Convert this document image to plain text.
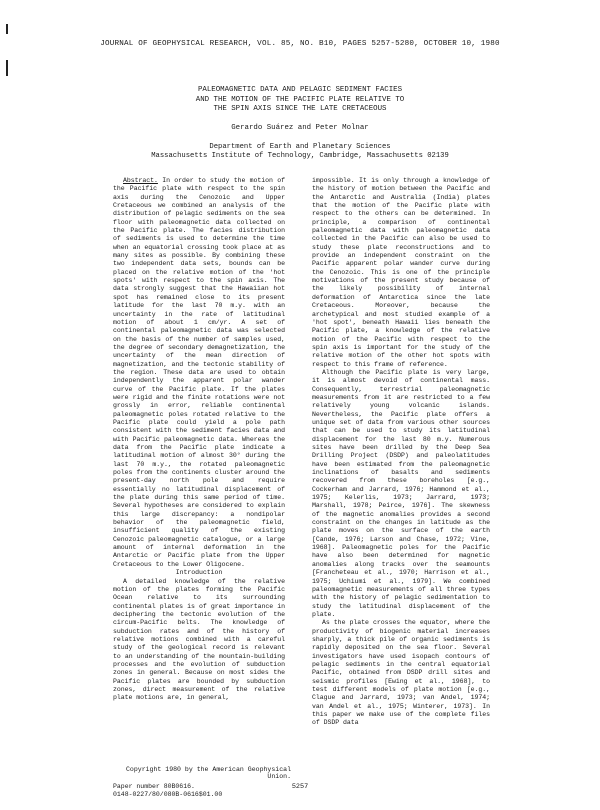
JOURNAL OF GEOPHYSICAL RESEARCH, VOL. 85, NO. B10, PAGES 5257-5280, OCTOBER 10, 1980
PALEOMAGNETIC DATA AND PELAGIC SEDIMENT FACIES
AND THE MOTION OF THE PACIFIC PLATE RELATIVE TO
THE SPIN AXIS SINCE THE LATE CRETACEOUS
Gerardo Suárez and Peter Molnar
Department of Earth and Planetary Sciences
Massachusetts Institute of Technology, Cambridge, Massachusetts 02139

Abstract. In order to study the motion of the Pacific plate with respect to the spin axis during the Cenozoic and Upper Cretaceous we combined an analysis of the distribution of pelagic sediments on the sea floor with paleomagnetic data collected on the Pacific plate. The facies distribution of sediments is used to determine the time when an equatorial crossing took place at as many sites as possible. By combining these two independent data sets, bounds can be placed on the relative motion of the 'hot spots' with respect to the spin axis. The data strongly suggest that the Hawaiian hot spot has remained close to its present latitude for the last 70 m.y. with an uncertainty in the rate of latitudinal motion of about 1 cm/yr. A set of continental paleomagnetic data was selected on the basis of the number of samples used, the degree of secondary demagnetization, the uncertainty of the mean direction of magnetization, and the tectonic stability of the region. These data are used to obtain independently the apparent polar wander curve of the Pacific plate. If the plates were rigid and the finite rotations were not grossly in error, reliable continental paleomagnetic poles rotated relative to the Pacific plate could yield a pole path consistent with the sediment facies data and with Pacific paleomagnetic data. Whereas the data from the Pacific plate indicate a latitudinal motion of almost 30° during the last 70 m.y., the rotated paleomagnetic poles from the continents cluster around the present-day north pole and require essentially no latitudinal displacement of the plate during this same period of time. Several hypotheses are considered to explain this large discrepancy: a nondipolar behavior of the paleomagnetic field, insufficient quality of the existing Cenozoic paleomagnetic catalogue, or a large amount of internal deformation in the Antarctic or Pacific plate from the Upper Cretaceous to the Lower Oligocene.

Introduction

A detailed knowledge of the relative motion of the plates forming the Pacific Ocean relative to its surrounding continental plates is of great importance in deciphering the tectonic evolution of the circum-Pacific belts. The knowledge of subduction rates and of the history of relative motions combined with a careful study of the geological record is relevant to an understanding of the mountain-building processes and the evolution of subduction zones in general. Because on most sides the Pacific plates are bounded by subduction zones, direct measurement of the relative plate motions are, in general,

impossible. It is only through a knowledge of the history of motion between the Pacific and the Antarctic and Australia (India) plates that the motion of the Pacific plate with respect to the others can be determined. In principle, a comparison of continental paleomagnetic data with paleomagnetic data collected in the Pacific can also be used to study these plate reconstructions and to provide an independent constraint on the Pacific apparent polar wander curve during the Cenozoic. This is one of the principle motivations of the present study because of the likely possibility of internal deformation of Antarctica since the late Cretaceous. Moreover, because the archetypical and most studied example of a 'hot spot', beneath Hawaii lies beneath the Pacific plate, a knowledge of the relative motion of the Pacific with respect to the spin axis is important for the study of the relative motion of the other hot spots with respect to this frame of reference.

Although the Pacific plate is very large, it is almost devoid of continental mass. Consequently, terrestrial paleomagnetic measurements from it are restricted to a few relatively young volcanic islands. Nevertheless, the Pacific plate offers a unique set of data from various other sources that can be used to study its latitudinal displacement for the last 80 m.y. Numerous sites have been drilled by the Deep Sea Drilling Project (DSDP) and paleolatitudes have been estimated from the paleomagnetic inclinations of basalts and sediments recovered from these boreholes [e.g., Cockerham and Jarrard, 1976; Hammond et al., 1975; Kelerlis, 1973; Jarrard, 1973; Marshall, 1978; Peirce, 1976]. The skewness of the magnetic anomalies provides a second constraint on the changes in latitude as the plate moves on the surface of the earth [Cande, 1976; Larson and Chase, 1972; Vine, 1968]. Paleomagnetic poles for the Pacific have also been determined for magnetic anomalies along tracks over the seamounts [Francheteau et al., 1970; Harrison et al., 1975; Uchiumi et al., 1979]. We combined paleomagnetic measurements of all three types with the history of pelagic sedimentation to study the latitudinal displacement of the plate.

As the plate crosses the equator, where the productivity of biogenic material increases sharply, a thick pile of organic sediments is rapidly deposited on the sea floor. Several investigators have used isopach contours of pelagic sediments in the central equatorial Pacific, obtained from DSDP drill sites and seismic profiles [Ewing et al., 1968], to test different models of plate motion [e.g., Clague and Jarrard, 1973; van Andel, 1974; van Andel et al., 1975; Winterer, 1973]. In this paper we make use of the complete files of DSDP data

Copyright 1980 by the American Geophysical Union.
Paper number 80B0616.
0148-0227/80/080B-0616$01.00
5257
